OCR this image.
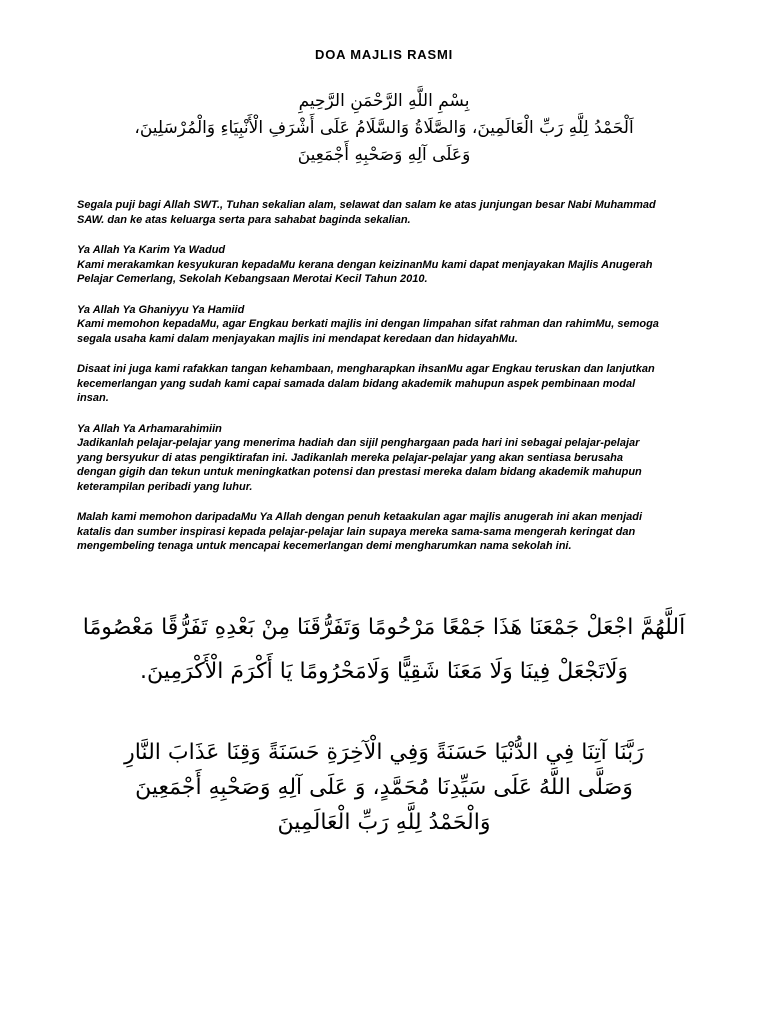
DOA MAJLIS RASMI
بِسْمِ اللَّهِ الرَّحْمَنِ الرَّحِيمِ
اَلْحَمْدُ لِلَّهِ رَبِّ الْعَالَمِينَ، وَالصَّلَاةُ وَالسَّلَامُ عَلَى أَشْرَفِ الْأَنْبِيَاءِ وَالْمُرْسَلِينَ،
وَعَلَى آلِهِ وَصَحْبِهِ أَجْمَعِينَ

Segala puji bagi Allah SWT., Tuhan sekalian alam, selawat dan salam ke atas junjungan besar Nabi Muhammad
SAW. dan ke atas keluarga serta para sahabat baginda sekalian.

Ya Allah Ya Karim Ya Wadud
Kami merakamkan kesyukuran kepadaMu kerana dengan keizinanMu kami dapat menjayakan Majlis Anugerah
Pelajar Cemerlang, Sekolah Kebangsaan Merotai Kecil Tahun 2010.

Ya Allah Ya Ghaniyyu Ya Hamiid
Kami memohon kepadaMu, agar Engkau berkati majlis ini dengan limpahan sifat rahman dan rahimMu, semoga
segala usaha kami dalam menjayakan majlis ini mendapat keredaan dan hidayahMu.

Disaat ini juga kami rafakkan tangan kehambaan, mengharapkan ihsanMu agar Engkau teruskan dan lanjutkan
kecemerlangan yang sudah kami capai samada dalam bidang akademik mahupun aspek pembinaan modal
insan.

Ya Allah Ya Arhamarahimiin
Jadikanlah pelajar-pelajar yang menerima hadiah dan sijil penghargaan pada hari ini sebagai pelajar-pelajar
yang bersyukur di atas pengiktirafan ini. Jadikanlah mereka pelajar-pelajar yang akan sentiasa berusaha
dengan gigih dan tekun untuk meningkatkan potensi dan prestasi mereka dalam bidang akademik mahupun
keterampilan peribadi yang luhur.

Malah kami memohon daripadaMu Ya Allah dengan penuh ketaakulan agar majlis anugerah ini akan menjadi
katalis dan sumber inspirasi kepada pelajar-pelajar lain supaya mereka sama-sama mengerah keringat dan
mengembeling tenaga untuk mencapai kecemerlangan demi mengharumkan nama sekolah ini.

اَللَّهُمَّ اجْعَلْ جَمْعَنَا هَذَا جَمْعًا مَرْحُومًا وَتَفَرُّقَنَا مِنْ بَعْدِهِ تَفَرُّقًا مَعْصُومًا
وَلَاتَجْعَلْ فِينَا وَلَا مَعَنَا شَقِيًّا وَلَامَحْرُومًا يَا أَكْرَمَ الْأَكْرَمِينَ.
رَبَّنَا آتِنَا فِي الدُّنْيَا حَسَنَةً وَفِي الْآخِرَةِ حَسَنَةً وَقِنَا عَذَابَ النَّارِ
وَصَلَّى اللَّهُ عَلَى سَيِّدِنَا مُحَمَّدٍ، وَ عَلَى آلِهِ وَصَحْبِهِ أَجْمَعِينَ
وَالْحَمْدُ لِلَّهِ رَبِّ الْعَالَمِينَ
